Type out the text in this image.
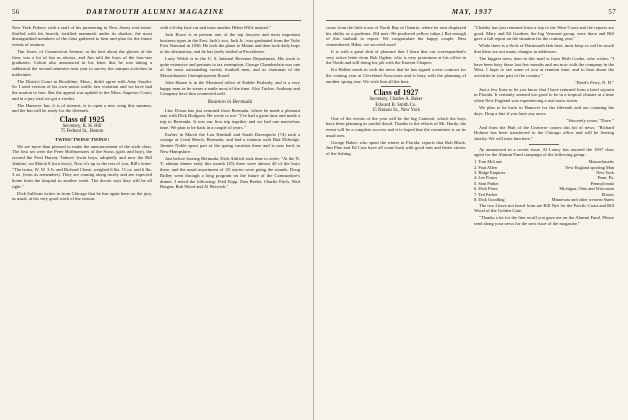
56	DARTMOUTH ALUMNI MAGAZINE

New York Fishery with a staff of his pioneering in New Jersey real estate. Stuffed with his heavily fortified mammals under its shadow, the most distinguished members of the class gathered to hear and plan for the future events of reunion.

Tim Jones, of Connecticut Avenue, at his best about the glories of the firm, was a lot of fun as always, and Jim told the boys of the four-star graduates. Colton also announced in his letter that he was taking a sabbatical the second semester next year to survey the campus activities in midwinter.

The District Court in Brookline, Mass., didn't agree with Amy Snyder. So I used version of his own motor traffic law violation and we have had the motion to hire. But the appeal was upheld to the Mass. Superior Court, and in a jury trial we got a verdict.

The Hanover Inn, it is of interest, is to open a new wing this summer, and the Inn will be ready for the fifteenth.

Class of 1925
Secretary, R. H. Hill
75 Federal St., Boston

TWINS! TWINS! TWINS!!

We are more than pleased to make the announcement of the sixth class. The first set were the Peter Hoffmeisters of the Swiss (girls and boy), the second the Fred Harvey Tinkers' (twin boys, adopted), and now the Bill Jenkins', on March 8 (two boys). Now it's up to the rest of you, Bill's letter: "The twins, W. W. 3 Jr. and Richard Chase, weighed 6 lbs. 11 oz. and 6 lbs. 3 oz. (twin as remember). They are coming along nicely and are expected home from the hospital in another week. The doctor says they will be all right."

Dick Sullivan writes in from Chicago that he has again been on the jury, as usual, at his very good work of the season.

with a 6-day hair-cut and train another Helen Wills instead."

Jack Rowe is at present one of the top lawyers and most important business types in the East. Jack's son, Jack Jr., was graduated from the Tufts First National in 1936. He took the plane to Miami and then took daily hops to his destination, and he has lately settled at Providence.

Larry Welch is in the U. S. Internal Revenue Department. His work is quite extensive and pertains to tax exemption. George Chamberlain was one of the most outstanding varsity football men, and as chairman of the Massachusetts Unemployment Board.

John Hazen is in the Montreal office of Kidder Peabody, and is a very happy man as he wears a smile most of the time. Also Tucker, Anthony and Company have him connected well.

Reunion in Bermuda

Linc Dixon has just returned from Bermuda, where he made a pleasant stay with Dick Hodgson. He wrote to me: "I've had a great time and made a trip to Bermuda. It was our first trip together and we had one marvelous time. We plan to be back in a couple of years."

Earlier in March the Lou Kimball and Sarah Davenports (74) took a cottage at Coral Beach, Bermuda, and had a reunion with Bud Eldredge. Jimmie Noble spent part of the spring vacation there and is now back in New Hampshire.

Just before leaving Bermuda, Dick Aldrich took time to write: "At the N. Y. alumni dinner early this month (25) there were almost 40 of the boys there, and the usual assortment of '25 stories were going the rounds. Doug Ridley went through a long program on the future of the Commodore's dinner. I noted the following: Fred Kipp, Dan Beebe, Charlie Fitch, Walt Bergen, Bob Wood and Al Herwick."

MAY, 1937	57

come from the little town of North Bay in Ontario, where he sent displayed his ability as a gardener. (Ed note: He produced yellow tulips.) But enough of this sunbath to report. We congratulate the happy couple. Best remembered, Hiker, we succeed soon!

It is with a great deal of pleasure that I learn that our correspondent's very active letter from Bob Ogden, who is very prominent at his office in the North and still doing his job with the Eastern Chapter.

Kit Hallett sends in with the news that he has signed a new contract for the coming year at Cleveland Associates and is busy with the planning of another spring tour. We wish him all the best.

Class of 1927
Secretary, Charles A. Baker
Edward B. Smith Co.
15 Nassau St., New York

One of the events of the year will be the big Carnival, which the boys have been planning in careful detail. Thanks to the efforts of Mr. Hardy, the event will be a complete success and it is hoped that the committee is on its usual toes.

George Baker, who spent the winter in Florida, reports that Bob Black, Jim Pine and Ed Case have all come back with good tans and better stories of the fishing.

"Chubby has just returned from a trip to the West Coast and the reports are good. Mary and Ed Gardner, the big Vermont group, were there and Bill gave a full report on the situation for the coming year."

While there is a flock of Dartmouth lads here, most keep so well in touch that there are not many changes in addresses.

The biggest news item in this mail is from Herb Cooke, who writes: "I have been busy these last few months and am now with the company in the West. I hope to see some of you at reunion time, and to hear about the activities in your part of the country."

"Reed's Ferry, N. H."

Just a few lines to let you know that I have returned from a brief sojourn in Florida. It certainly seemed too good to be in a tropical climate at a time when New England was experiencing a real snow storm.

We plan to be back in Hanover for the fifteenth and are counting the days. Drop a line if you have any news.

"Sincerely yours, "Dave."

And from the Hub of the Universe comes this bit of news: "Richard Holmes has been transferred to the Chicago office and will be leaving shortly. We will miss him here."

Ay announced in a recent issue, Al Loney has assured the 1937 class agent for the Alumni Fund campaign of the following group:

1. Tom McLane	Massachusetts
2. Paul Allen	New England sporting Man
3. Ridge Enquirer	New York
4. Lee Foster	Penn. Pa.
5. Sam Parker	Pennsylvania
6. Dick Pines	Michigan, Ohio and Wisconsin
7. Ted Parker	Illinois
8. Dick Goodling	Minnesota and other western States

The two I have not heard from are Bill Nye for the Pacific Coast and Bill Wood of the Golden Gate.

"Thanks a lot for the fine recall you gave me on the Alumni Fund. Please send along your news for the next issue of the magazine."
